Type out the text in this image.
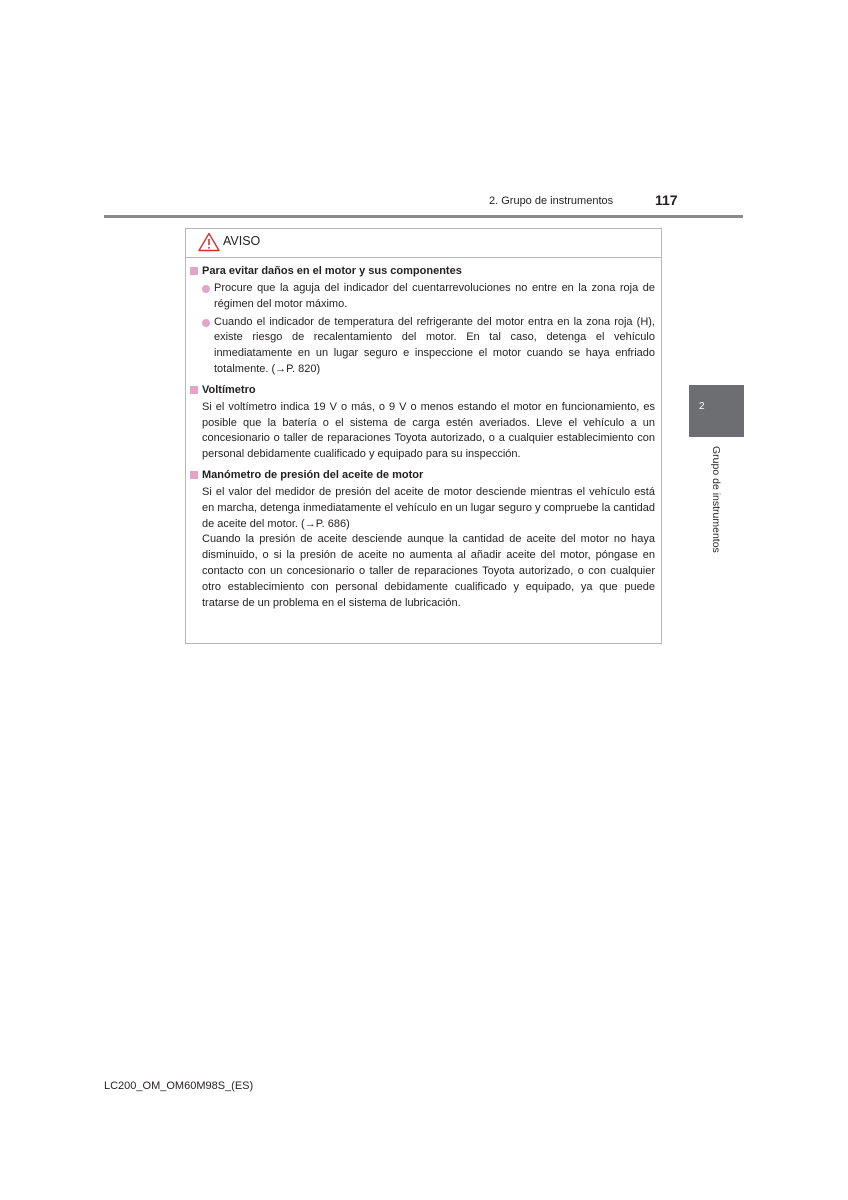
2. Grupo de instrumentos	117
2
Grupo de instrumentos
AVISO
Para evitar daños en el motor y sus componentes
Procure que la aguja del indicador del cuentarrevoluciones no entre en la zona roja de régimen del motor máximo.
Cuando el indicador de temperatura del refrigerante del motor entra en la zona roja (H), existe riesgo de recalentamiento del motor. En tal caso, detenga el vehículo inmediatamente en un lugar seguro e inspeccione el motor cuando se haya enfriado totalmente. (→P. 820)
Voltímetro
Si el voltímetro indica 19 V o más, o 9 V o menos estando el motor en funcionamiento, es posible que la batería o el sistema de carga estén averiados. Lleve el vehículo a un concesionario o taller de reparaciones Toyota autorizado, o a cualquier establecimiento con personal debidamente cualificado y equipado para su inspección.
Manómetro de presión del aceite de motor
Si el valor del medidor de presión del aceite de motor desciende mientras el vehículo está en marcha, detenga inmediatamente el vehículo en un lugar seguro y compruebe la cantidad de aceite del motor. (→P. 686)
Cuando la presión de aceite desciende aunque la cantidad de aceite del motor no haya disminuido, o si la presión de aceite no aumenta al añadir aceite del motor, póngase en contacto con un concesionario o taller de reparaciones Toyota autorizado, o con cualquier otro establecimiento con personal debidamente cualificado y equipado, ya que puede tratarse de un problema en el sistema de lubricación.
LC200_OM_OM60M98S_(ES)
